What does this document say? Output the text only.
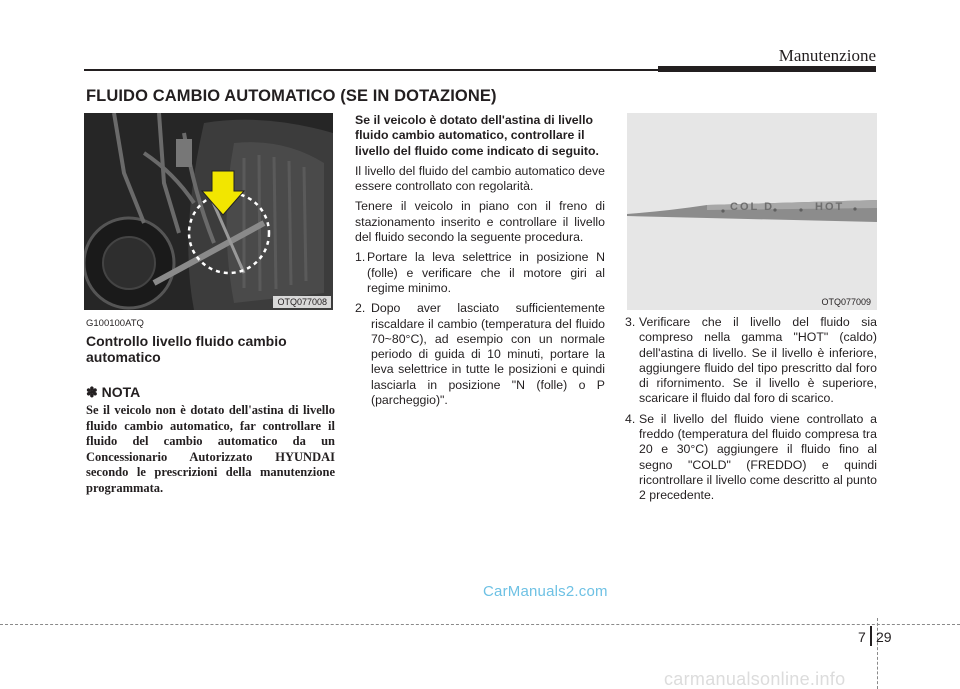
Manutenzione
FLUIDO CAMBIO AUTOMATICO (SE IN DOTAZIONE)
OTQ077008
G100100ATQ
Controllo livello fluido cambio automatico
✽ NOTA
Se il veicolo non è dotato dell'astina di livello fluido cambio automatico, far controllare il fluido del cambio automatico da un Concessionario Autorizzato HYUNDAI secondo le prescrizioni della manutenzione programmata.

Se il veicolo è dotato dell'astina di livello fluido cambio automatico, controllare il livello del fluido come indicato di seguito.

Il livello del fluido del cambio automatico deve essere controllato con regolarità.

Tenere il veicolo in piano con il freno di stazionamento inserito e controllare il livello del fluido secondo la seguente procedura.

1. Portare la leva selettrice in posizione N (folle) e verificare che il motore giri al regime minimo.
2. Dopo aver lasciato sufficientemente riscaldare il cambio (temperatura del fluido 70~80°C), ad esempio con un normale periodo di guida di 10 minuti, portare la leva selettrice in tutte le posizioni e quindi lasciarla in posizione "N (folle) o P (parcheggio)".
COL D	HOT
OTQ077009
3. Verificare che il livello del fluido sia compreso nella gamma "HOT" (caldo) dell'astina di livello. Se il livello è inferiore, aggiungere fluido del tipo prescritto dal foro di rifornimento. Se il livello è superiore, scaricare il fluido dal foro di scarico.
4. Se il livello del fluido viene controllato a freddo (temperatura del fluido compresa tra 20 e 30°C) aggiungere il fluido fino al segno "COLD" (FREDDO) e quindi ricontrollare il livello come descritto al punto 2 precedente.
CarManuals2.com
7 29
carmanualsonline.info
